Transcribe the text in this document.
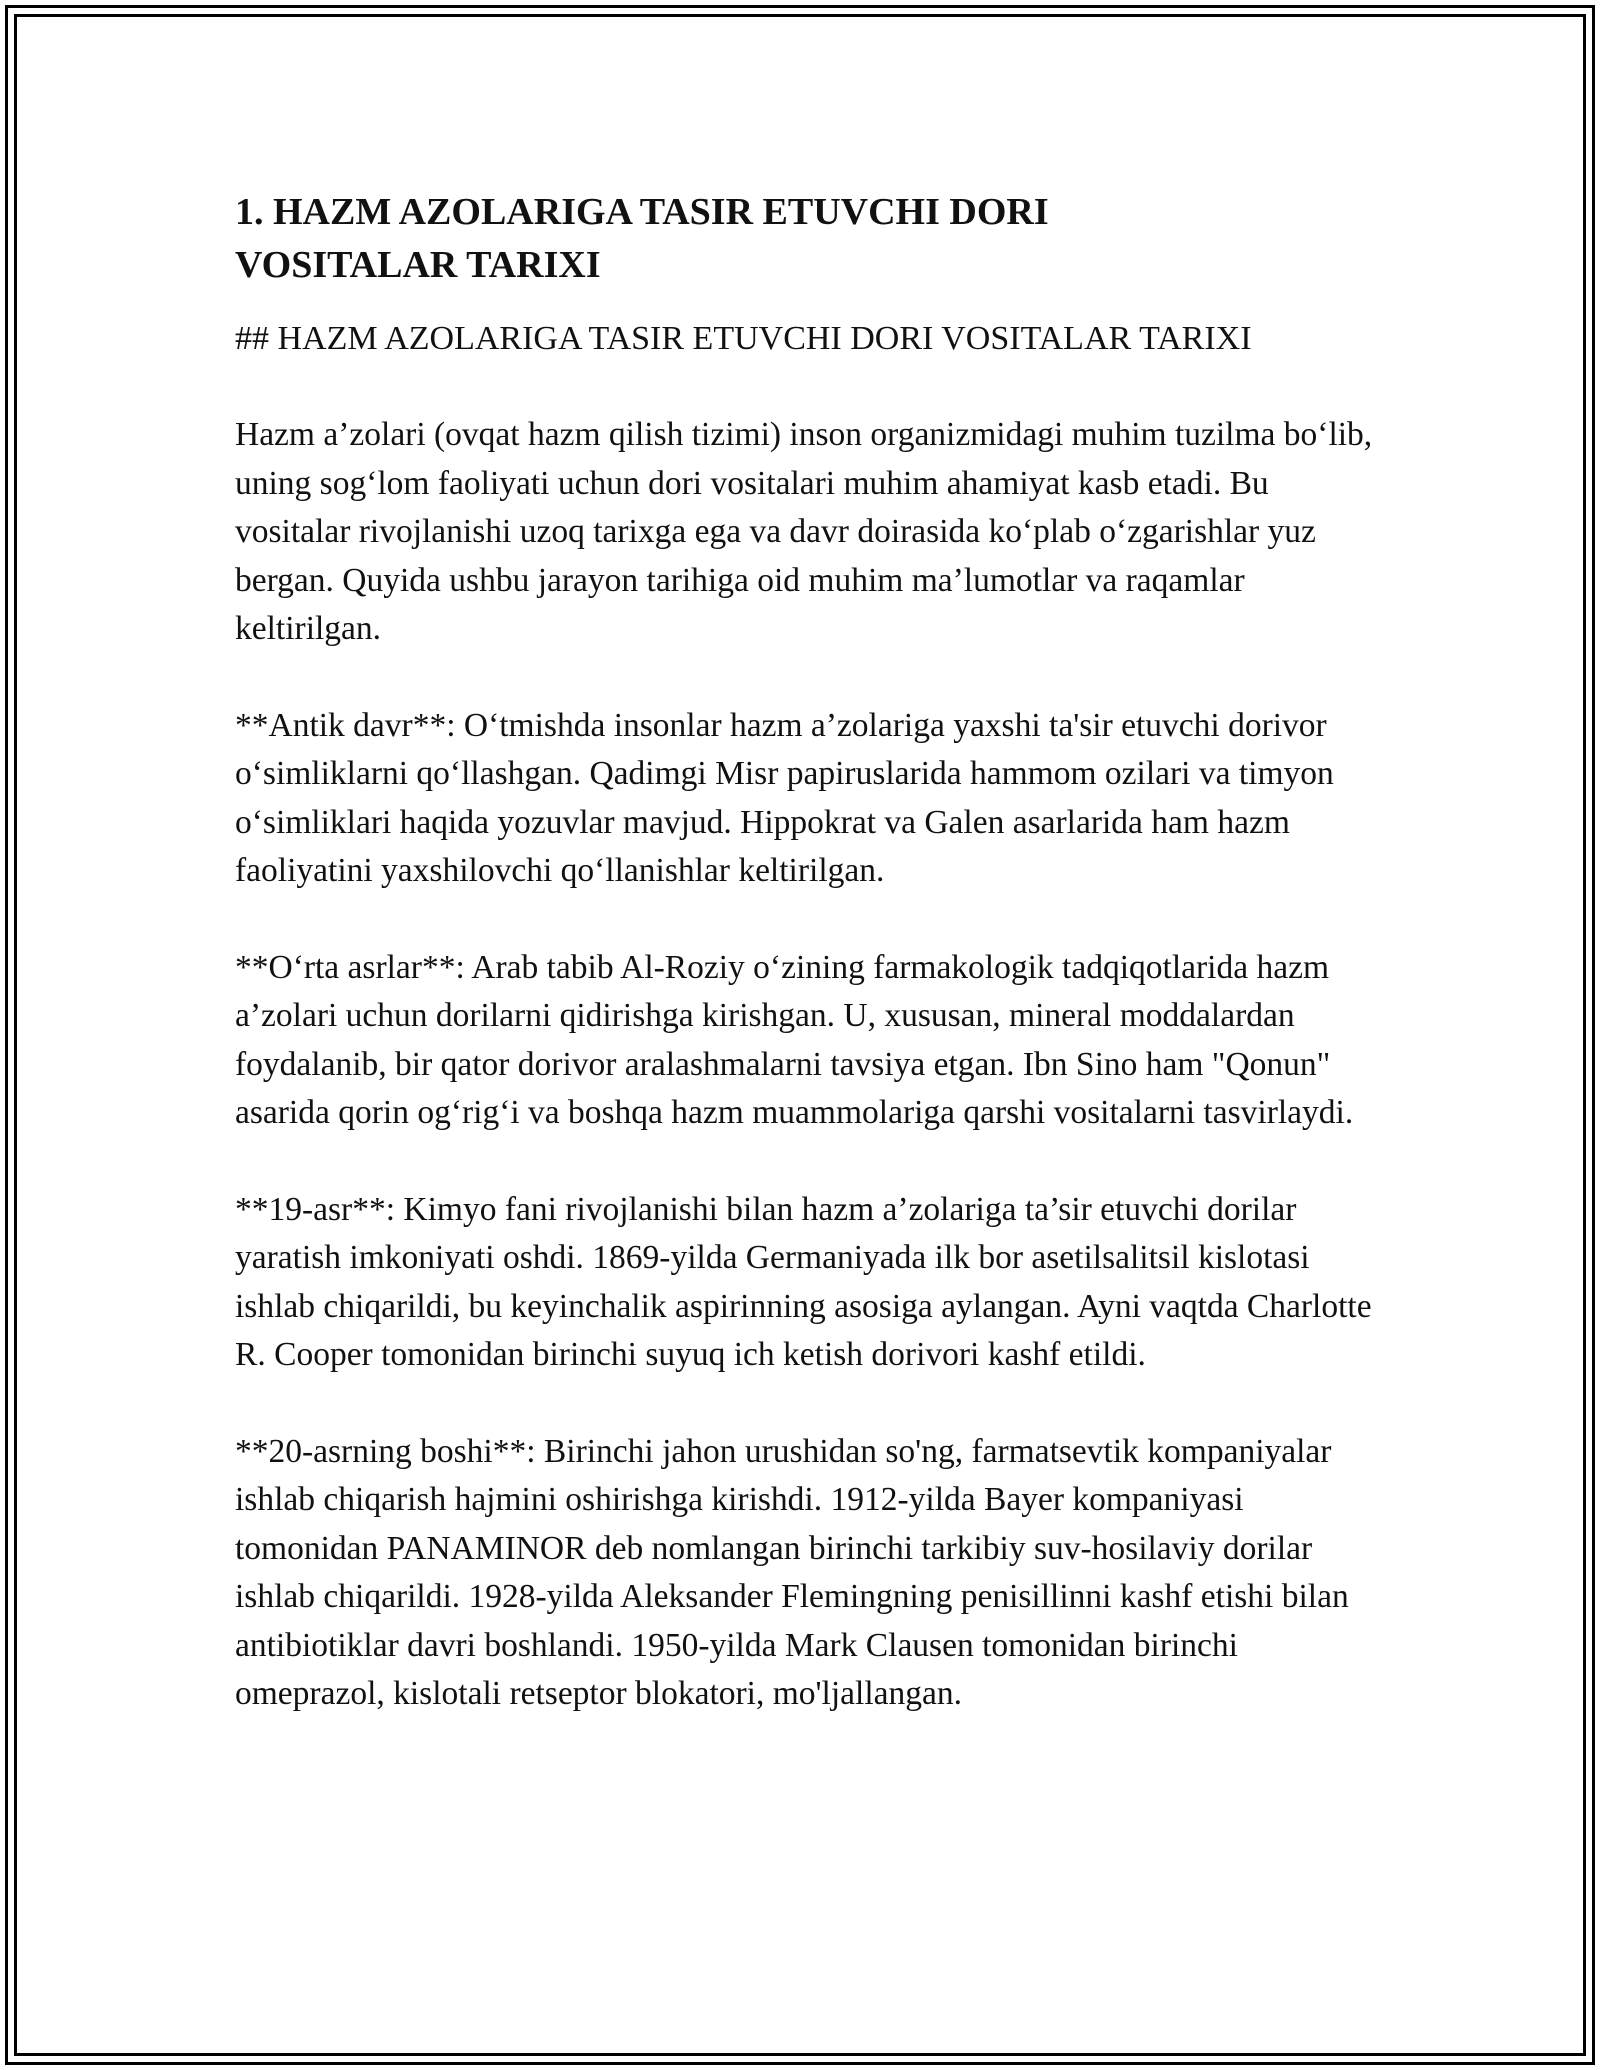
1. HAZM AZOLARIGA TASIR ETUVCHI DORI
VOSITALAR TARIXI

## HAZM AZOLARIGA TASIR ETUVCHI DORI VOSITALAR TARIXI

Hazm a’zolari (ovqat hazm qilish tizimi) inson organizmidagi muhim tuzilma bo‘lib, uning sog‘lom faoliyati uchun dori vositalari muhim ahamiyat kasb etadi. Bu vositalar rivojlanishi uzoq tarixga ega va davr doirasida ko‘plab o‘zgarishlar yuz bergan. Quyida ushbu jarayon tarihiga oid muhim ma’lumotlar va raqamlar keltirilgan.

**Antik davr**: O‘tmishda insonlar hazm a’zolariga yaxshi ta'sir etuvchi dorivor o‘simliklarni qo‘llashgan. Qadimgi Misr papiruslarida hammom ozilari va timyon o‘simliklari haqida yozuvlar mavjud. Hippokrat va Galen asarlarida ham hazm faoliyatini yaxshilovchi qo‘llanishlar keltirilgan.

**O‘rta asrlar**: Arab tabib Al-Roziy o‘zining farmakologik tadqiqotlarida hazm a’zolari uchun dorilarni qidirishga kirishgan. U, xususan, mineral moddalardan foydalanib, bir qator dorivor aralashmalarni tavsiya etgan. Ibn Sino ham "Qonun" asarida qorin og‘rig‘i va boshqa hazm muammolariga qarshi vositalarni tasvirlaydi.

**19-asr**: Kimyo fani rivojlanishi bilan hazm a’zolariga ta’sir etuvchi dorilar yaratish imkoniyati oshdi. 1869-yilda Germaniyada ilk bor asetilsalitsil kislotasi ishlab chiqarildi, bu keyinchalik aspirinning asosiga aylangan. Ayni vaqtda Charlotte R. Cooper tomonidan birinchi suyuq ich ketish dorivori kashf etildi.

**20-asrning boshi**: Birinchi jahon urushidan so'ng, farmatsevtik kompaniyalar ishlab chiqarish hajmini oshirishga kirishdi. 1912-yilda Bayer kompaniyasi tomonidan PANAMINOR deb nomlangan birinchi tarkibiy suv-hosilaviy dorilar ishlab chiqarildi. 1928-yilda Aleksander Flemingning penisillinni kashf etishi bilan antibiotiklar davri boshlandi. 1950-yilda Mark Clausen tomonidan birinchi omeprazol, kislotali retseptor blokatori, mo'ljallangan.
